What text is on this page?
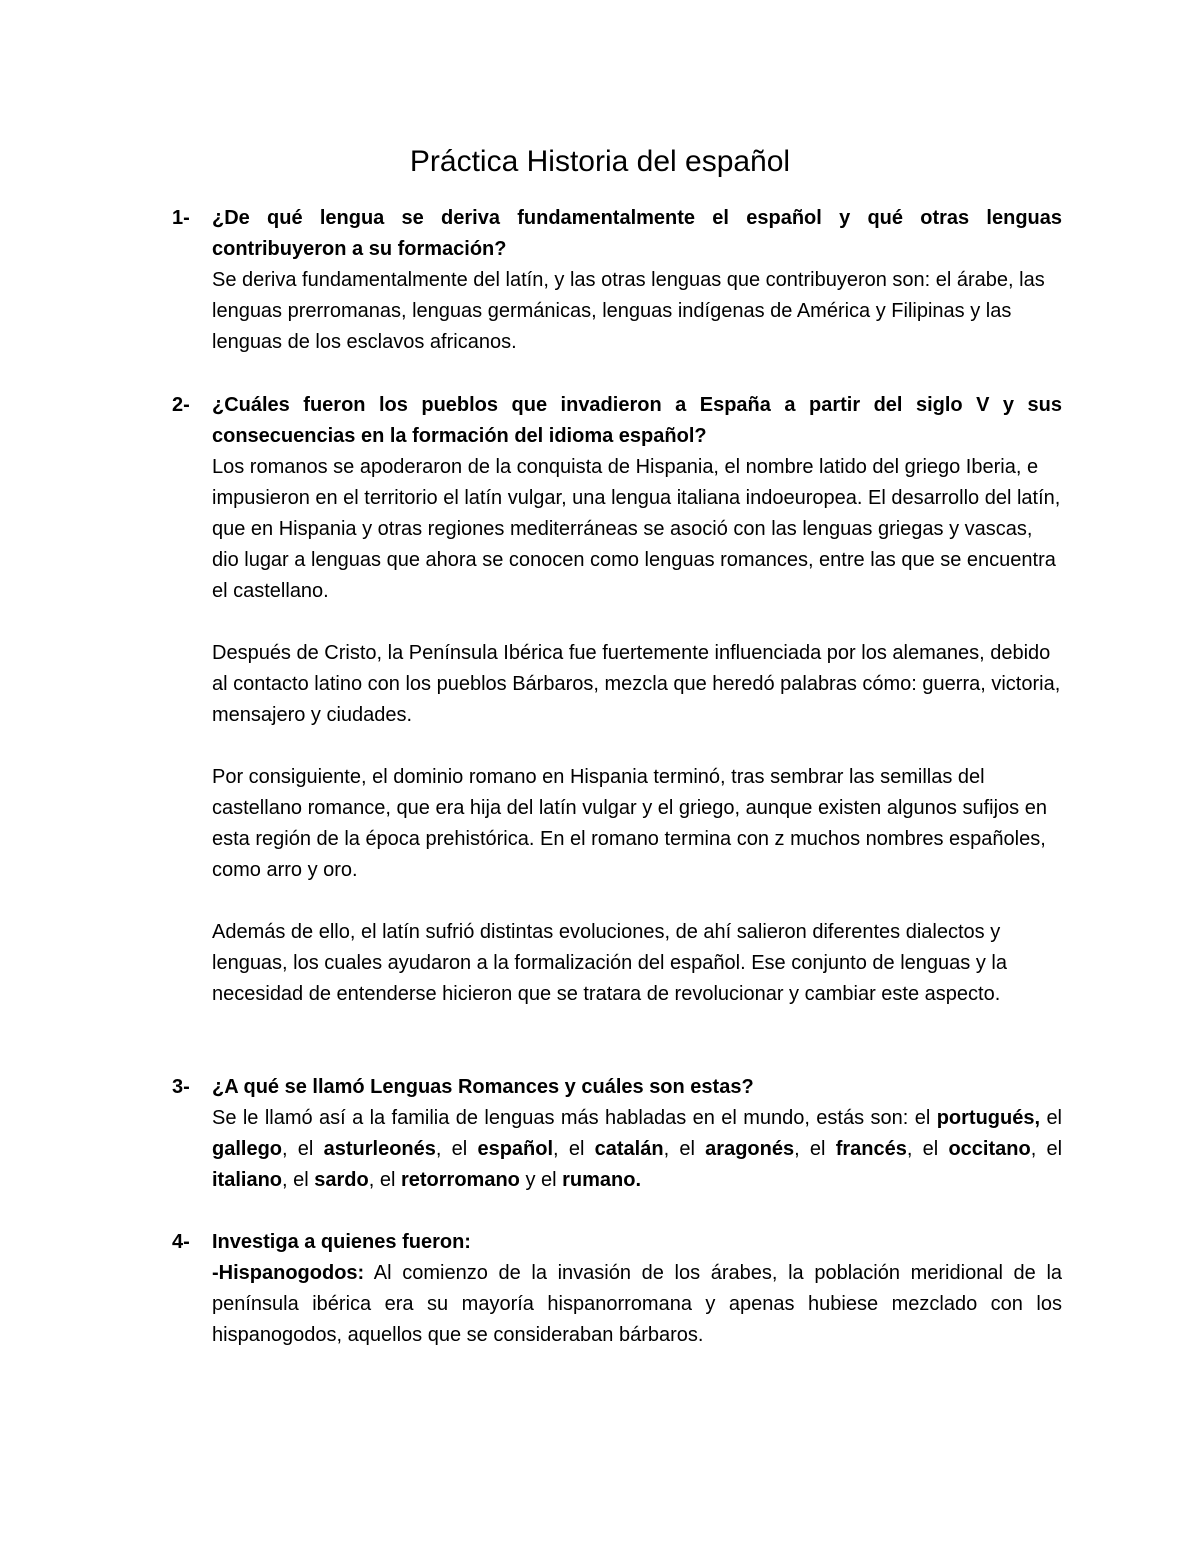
Práctica Historia del español
1- ¿De qué lengua se deriva fundamentalmente el español y qué otras lenguas contribuyeron a su formación?

Se deriva fundamentalmente del latín, y las otras lenguas que contribuyeron son: el árabe, las lenguas prerromanas, lenguas germánicas, lenguas indígenas de América y Filipinas y las lenguas de los esclavos africanos.

2- ¿Cuáles fueron los pueblos que invadieron a España a partir del siglo V y sus consecuencias en la formación del idioma español?

Los romanos se apoderaron de la conquista de Hispania, el nombre latido del griego Iberia, e impusieron en el territorio el latín vulgar, una lengua italiana indoeuropea. El desarrollo del latín, que en Hispania y otras regiones mediterráneas se asoció con las lenguas griegas y vascas, dio lugar a lenguas que ahora se conocen como lenguas romances, entre las que se encuentra el castellano.

Después de Cristo, la Península Ibérica fue fuertemente influenciada por los alemanes, debido al contacto latino con los pueblos Bárbaros, mezcla que heredó palabras cómo: guerra, victoria, mensajero y ciudades.

Por consiguiente, el dominio romano en Hispania terminó, tras sembrar las semillas del castellano romance, que era hija del latín vulgar y el griego, aunque existen algunos sufijos en esta región de la época prehistórica. En el romano termina con z muchos nombres españoles, como arro y oro.

Además de ello, el latín sufrió distintas evoluciones, de ahí salieron diferentes dialectos y lenguas, los cuales ayudaron a la formalización del español. Ese conjunto de lenguas y la necesidad de entenderse hicieron que se tratara de revolucionar y cambiar este aspecto.

3- ¿A qué se llamó Lenguas Romances y cuáles son estas?

Se le llamó así a la familia de lenguas más habladas en el mundo, estás son: el portugués, el gallego, el asturleonés, el español, el catalán, el aragonés, el francés, el occitano, el italiano, el sardo, el retorromano y el rumano.

4- Investiga a quienes fueron:

-Hispanogodos: Al comienzo de la invasión de los árabes, la población meridional de la península ibérica era su mayoría hispanorromana y apenas hubiese mezclado con los hispanogodos, aquellos que se consideraban bárbaros.
